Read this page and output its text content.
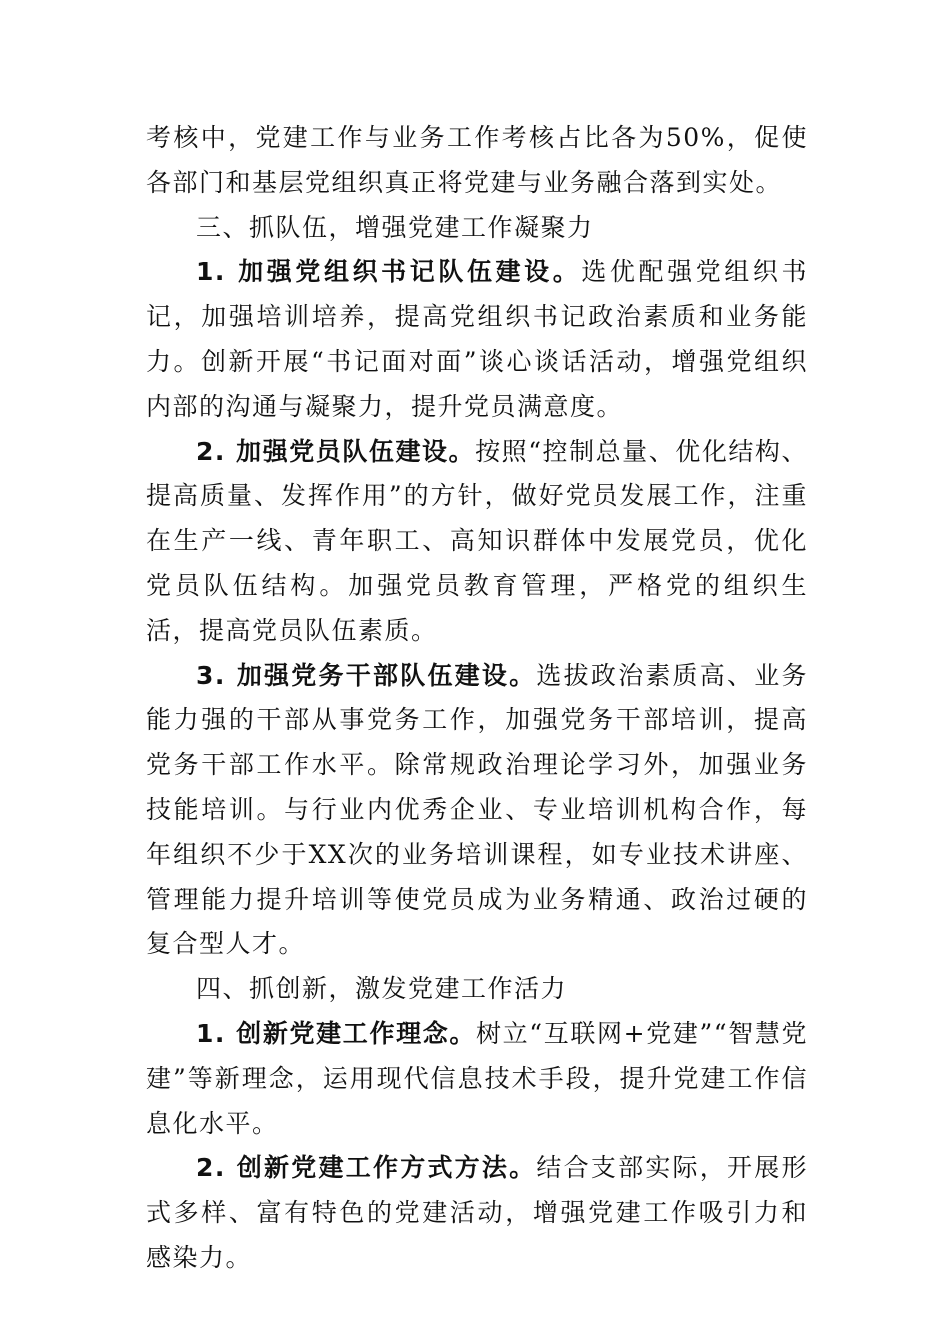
考核中，党建工作与业务工作考核占比各为50%，促使各部门和基层党组织真正将党建与业务融合落到实处。

三、抓队伍，增强党建工作凝聚力

1. 加强党组织书记队伍建设。选优配强党组织书记，加强培训培养，提高党组织书记政治素质和业务能力。创新开展“书记面对面”谈心谈话活动，增强党组织内部的沟通与凝聚力，提升党员满意度。

2. 加强党员队伍建设。按照“控制总量、优化结构、提高质量、发挥作用”的方针，做好党员发展工作，注重在生产一线、青年职工、高知识群体中发展党员，优化党员队伍结构。加强党员教育管理，严格党的组织生活，提高党员队伍素质。

3. 加强党务干部队伍建设。选拔政治素质高、业务能力强的干部从事党务工作，加强党务干部培训，提高党务干部工作水平。除常规政治理论学习外，加强业务技能培训。与行业内优秀企业、专业培训机构合作，每年组织不少于XX次的业务培训课程，如专业技术讲座、管理能力提升培训等使党员成为业务精通、政治过硬的复合型人才。

四、抓创新，激发党建工作活力

1. 创新党建工作理念。树立“互联网+党建”“智慧党建”等新理念，运用现代信息技术手段，提升党建工作信息化水平。

2. 创新党建工作方式方法。结合支部实际，开展形式多样、富有特色的党建活动，增强党建工作吸引力和感染力。
